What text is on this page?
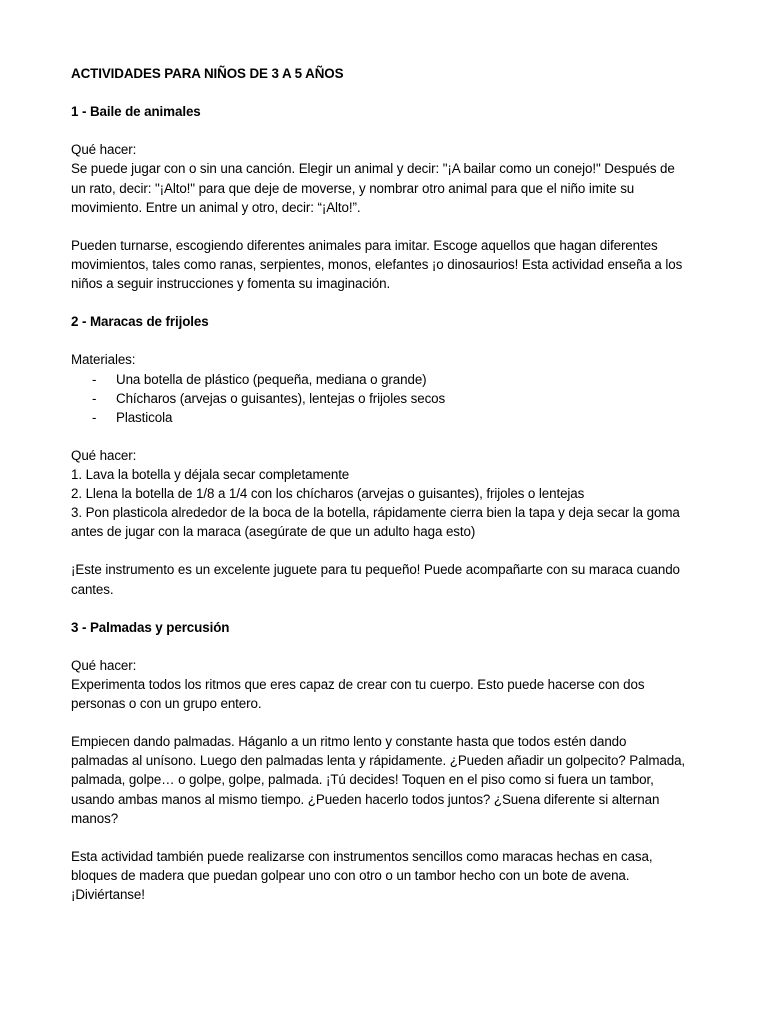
ACTIVIDADES PARA NIÑOS DE 3 A 5 AÑOS

1 - Baile de animales

Qué hacer:

Se puede jugar con o sin una canción. Elegir un animal y decir: "¡A bailar como un conejo!" Después de
un rato, decir: "¡Alto!" para que deje de moverse, y nombrar otro animal para que el niño imite su
movimiento. Entre un animal y otro, decir: “¡Alto!”.

Pueden turnarse, escogiendo diferentes animales para imitar. Escoge aquellos que hagan diferentes
movimientos, tales como ranas, serpientes, monos, elefantes ¡o dinosaurios! Esta actividad enseña a los
niños a seguir instrucciones y fomenta su imaginación.

2 - Maracas de frijoles

Materiales:

- Una botella de plástico (pequeña, mediana o grande)
- Chícharos (arvejas o guisantes), lentejas o frijoles secos
- Plasticola

Qué hacer:

1. Lava la botella y déjala secar completamente

2. Llena la botella de 1/8 a 1/4 con los chícharos (arvejas o guisantes), frijoles o lentejas

3. Pon plasticola alrededor de la boca de la botella, rápidamente cierra bien la tapa y deja secar la goma
antes de jugar con la maraca (asegúrate de que un adulto haga esto)

¡Este instrumento es un excelente juguete para tu pequeño! Puede acompañarte con su maraca cuando
cantes.

3 - Palmadas y percusión

Qué hacer:

Experimenta todos los ritmos que eres capaz de crear con tu cuerpo. Esto puede hacerse con dos
personas o con un grupo entero.

Empiecen dando palmadas. Háganlo a un ritmo lento y constante hasta que todos estén dando
palmadas al unísono. Luego den palmadas lenta y rápidamente. ¿Pueden añadir un golpecito? Palmada,
palmada, golpe… o golpe, golpe, palmada. ¡Tú decides! Toquen en el piso como si fuera un tambor,
usando ambas manos al mismo tiempo. ¿Pueden hacerlo todos juntos? ¿Suena diferente si alternan
manos?

Esta actividad también puede realizarse con instrumentos sencillos como maracas hechas en casa,
bloques de madera que puedan golpear uno con otro o un tambor hecho con un bote de avena.
¡Diviértanse!
